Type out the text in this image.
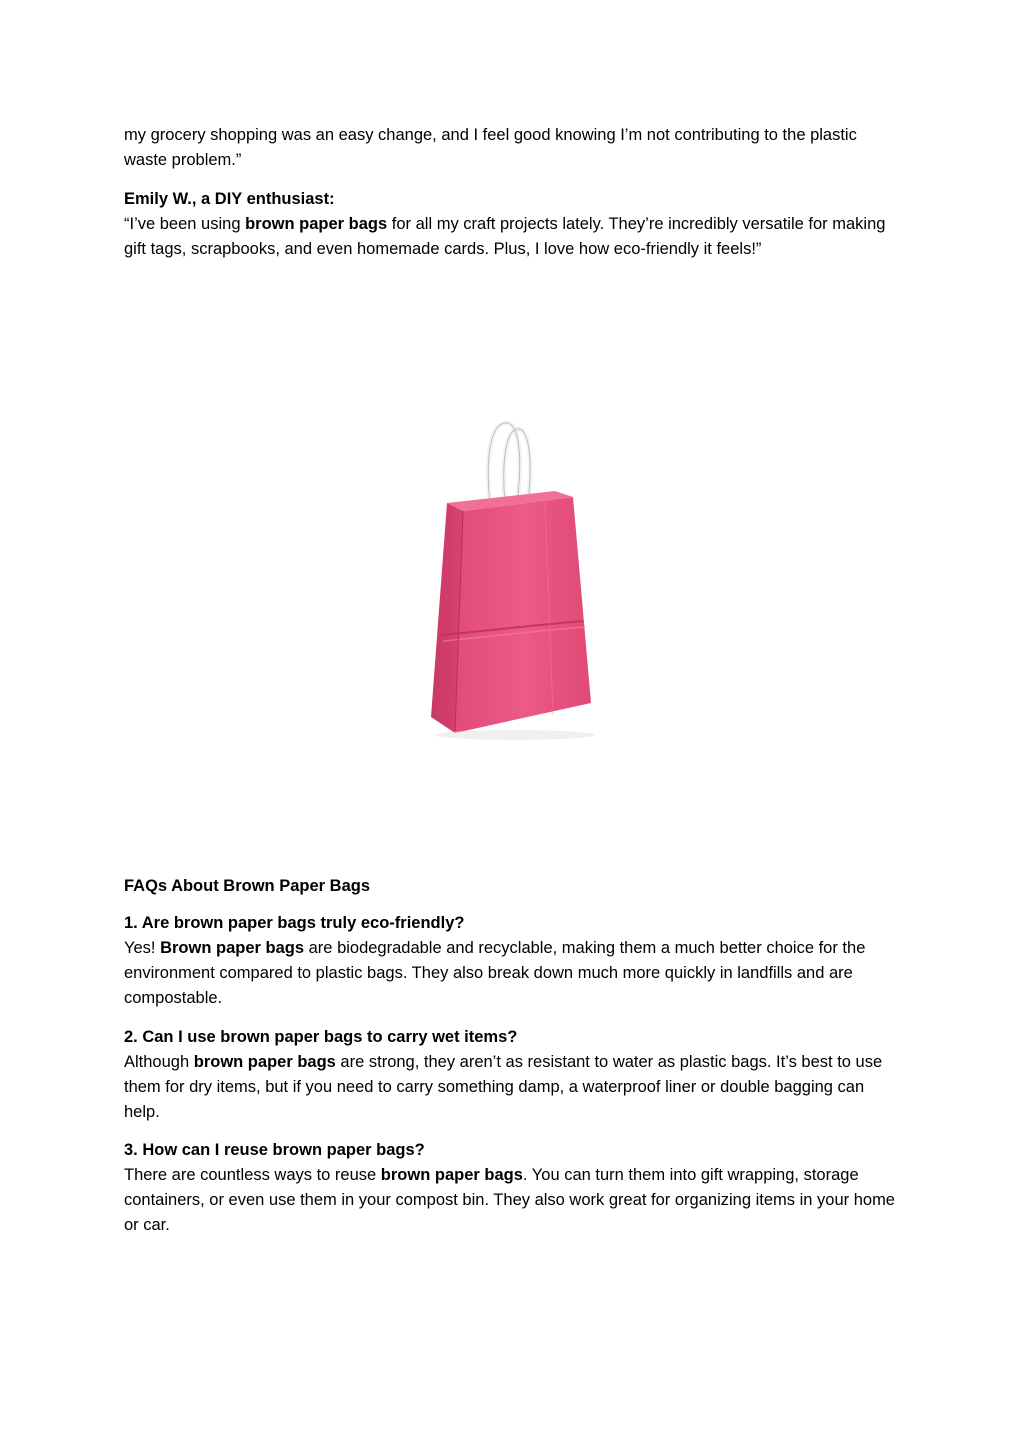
my grocery shopping was an easy change, and I feel good knowing I’m not contributing to the plastic waste problem.”

Emily W., a DIY enthusiast:

“I’ve been using brown paper bags for all my craft projects lately. They’re incredibly versatile for making gift tags, scrapbooks, and even homemade cards. Plus, I love how eco-friendly it feels!”

FAQs About Brown Paper Bags

1. Are brown paper bags truly eco-friendly?

Yes! Brown paper bags are biodegradable and recyclable, making them a much better choice for the environment compared to plastic bags. They also break down much more quickly in landfills and are compostable.

2. Can I use brown paper bags to carry wet items?

Although brown paper bags are strong, they aren’t as resistant to water as plastic bags. It’s best to use them for dry items, but if you need to carry something damp, a waterproof liner or double bagging can help.

3. How can I reuse brown paper bags?

There are countless ways to reuse brown paper bags. You can turn them into gift wrapping, storage containers, or even use them in your compost bin. They also work great for organizing items in your home or car.
